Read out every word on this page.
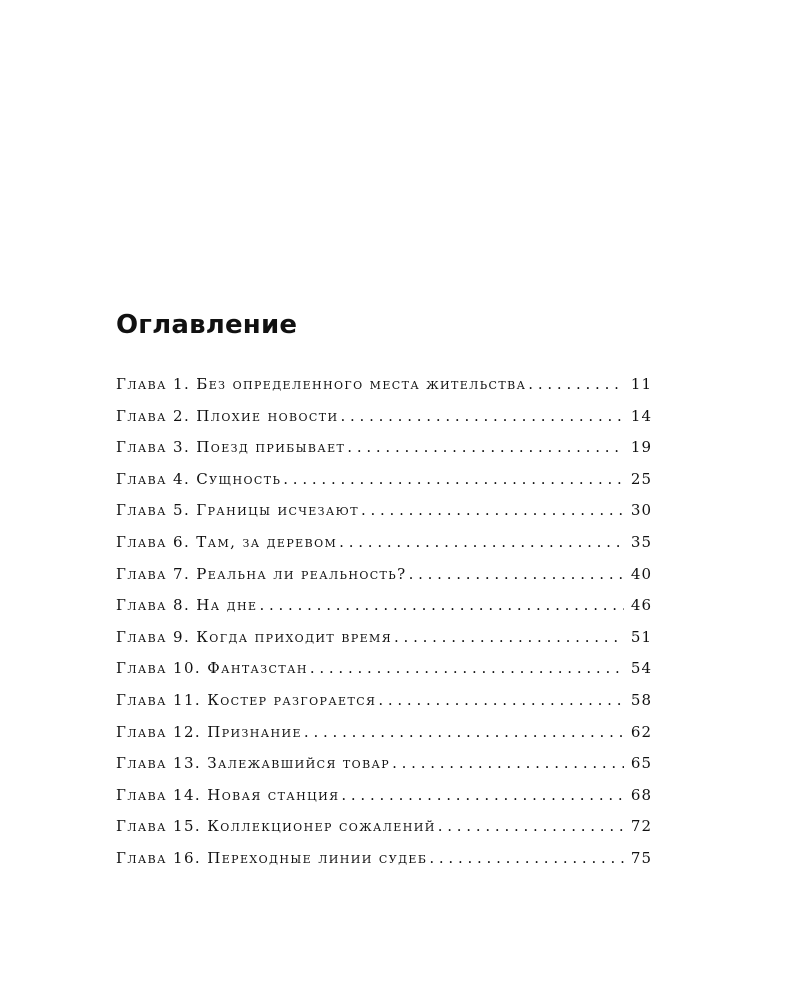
Оглавление
Глава 1. Без определенного места жительства . . .	11
Глава 2. Плохие новости . . .	14
Глава 3. Поезд прибывает . . .	19
Глава 4. Сущность . . .	25
Глава 5. Границы исчезают . . .	30
Глава 6. Там, за деревом . . .	35
Глава 7. Реальна ли реальность? . . .	40
Глава 8. На дне . . .	46
Глава 9. Когда приходит время . . .	51
Глава 10. Фантазстан . . .	54
Глава 11. Костер разгорается . . .	58
Глава 12. Признание . . .	62
Глава 13. Залежавшийся товар . . .	65
Глава 14. Новая станция . . .	68
Глава 15. Коллекционер сожалений . . .	72
Глава 16. Переходные линии судеб . . .	75
